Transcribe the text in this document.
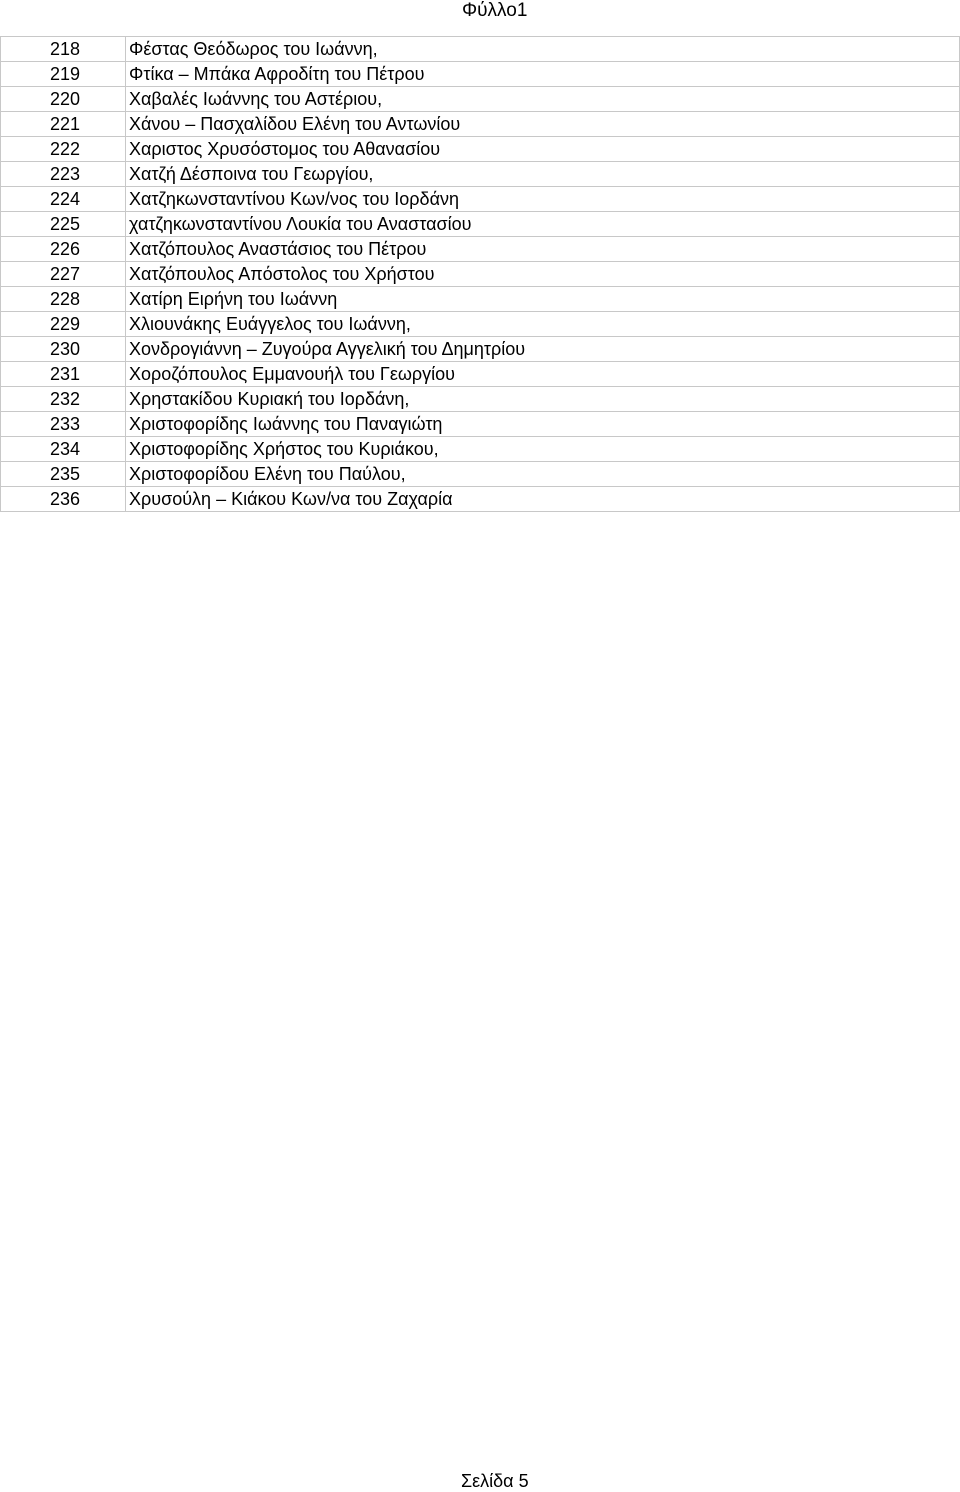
Φύλλο1
218	Φέστας Θεόδωρος του Ιωάννη,
219	Φτίκα – Μπάκα Αφροδίτη του Πέτρου
220	Χαβαλές Ιωάννης του Αστέριου,
221	Χάνου – Πασχαλίδου Ελένη του Αντωνίου
222	Χαριστος Χρυσόστομος του Αθανασίου
223	Χατζή Δέσποινα του Γεωργίου,
224	Χατζηκωνσταντίνου Κων/νος του Ιορδάνη
225	χατζηκωνσταντίνου Λουκία του Αναστασίου
226	Χατζόπουλος Αναστάσιος του Πέτρου
227	Χατζόπουλος Απόστολος του Χρήστου
228	Χατίρη Ειρήνη του Ιωάννη
229	Χλιουνάκης Ευάγγελος του Ιωάννη,
230	Χονδρογιάννη – Ζυγούρα Αγγελική του Δημητρίου
231	Χοροζόπουλος Εμμανουήλ του Γεωργίου
232	Χρηστακίδου Κυριακή του Ιορδάνη,
233	Χριστοφορίδης Ιωάννης του Παναγιώτη
234	Χριστοφορίδης Χρήστος του Κυριάκου,
235	Χριστοφορίδου Ελένη του Παύλου,
236	Χρυσούλη – Κιάκου Κων/να του Ζαχαρία
Σελίδα 5
